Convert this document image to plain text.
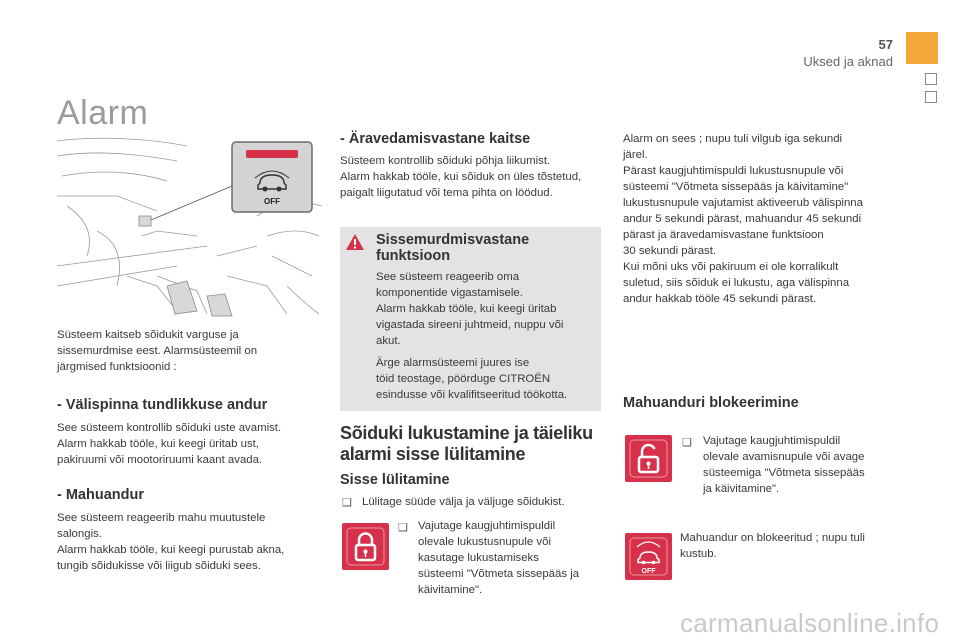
57
Uksed ja aknad
Alarm
OFF
Süsteem kaitseb sõidukit varguse ja
sissemurdmise eest. Alarmsüsteemil on
järgmised funktsioonid :
- Välispinna tundlikkuse andur
See süsteem kontrollib sõiduki uste avamist.
Alarm hakkab tööle, kui keegi üritab ust,
pakiruumi või mootoriruumi kaant avada.
- Mahuandur
See süsteem reageerib mahu muutustele
salongis.
Alarm hakkab tööle, kui keegi purustab akna,
tungib sõidukisse või liigub sõiduki sees.
- Äravedamisvastane kaitse
Süsteem kontrollib sõiduki põhja liikumist.
Alarm hakkab tööle, kui sõiduk on üles tõstetud,
paigalt liigutatud või tema pihta on löödud.
Sissemurdmisvastane
funktsioon
See süsteem reageerib oma
komponentide vigastamisele.
Alarm hakkab tööle, kui keegi üritab
vigastada sireeni juhtmeid, nuppu või
akut.
Ärge alarmsüsteemi juures ise
töid teostage, pöörduge CITROËN
esindusse või kvalifitseeritud töökotta.
Sõiduki lukustamine ja täieliku
alarmi sisse lülitamine
Sisse lülitamine
❑ Lülitage süüde välja ja väljuge sõidukist.
❑ Vajutage kaugjuhtimispuldil
olevale lukustusnupule või
kasutage lukustamiseks
süsteemi "Võtmeta sissepääs ja
käivitamine".
Alarm on sees ; nupu tuli vilgub iga sekundi
järel.
Pärast kaugjuhtimispuldi lukustusnupule või
süsteemi "Võtmeta sissepääs ja käivitamine"
lukustusnupule vajutamist aktiveerub välispinna
andur 5 sekundi pärast, mahuandur 45 sekundi
pärast ja äravedamisvastane funktsioon
30 sekundi pärast.
Kui mõni uks või pakiruum ei ole korralikult
suletud, siis sõiduk ei lukustu, aga välispinna
andur hakkab tööle 45 sekundi pärast.
Mahuanduri blokeerimine
❑ Vajutage kaugjuhtimispuldil
olevale avamisnupule või avage
süsteemiga "Võtmeta sissepääs
ja käivitamine".
OFF
Mahuandur on blokeeritud ; nupu tuli
kustub.
carmanualsonline.info
